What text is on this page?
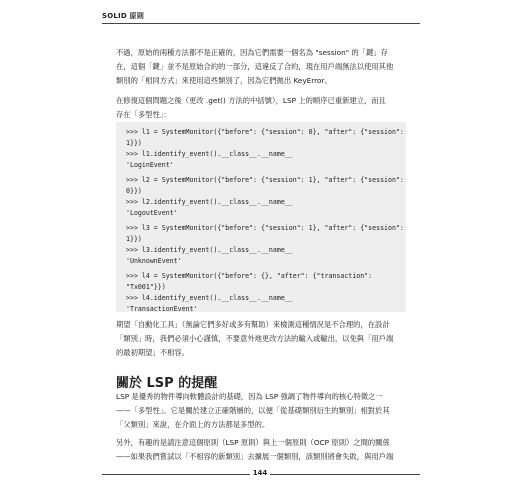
SOLID 原則
不過，原始的兩種方法都不是正確的，因為它們需要一個名為 "session" 的「鍵」存
在，這個「鍵」並不是原始合約的一部分，這違反了合約，現在用戶端無法以使用其他
類別的「相同方式」來使用這些類別了，因為它們拋出 KeyError。
在修復這個問題之後（更改 .get() 方法的中括號），LSP 上的順序已重新建立，而且
存在「多型性」：
>>> l1 = SystemMonitor({"before": {"session": 0}, "after": {"session":
1}})
>>> l1.identify_event().__class__.__name__
'LoginEvent'
>>> l2 = SystemMonitor({"before": {"session": 1}, "after": {"session":
0}})
>>> l2.identify_event().__class__.__name__
'LogoutEvent'
>>> l3 = SystemMonitor({"before": {"session": 1}, "after": {"session":
1}})
>>> l3.identify_event().__class__.__name__
'UnknownEvent'
>>> l4 = SystemMonitor({"before": {}, "after": {"transaction":
"Tx001"}})
>>> l4.identify_event().__class__.__name__
'TransactionEvent'
期望「自動化工具」（無論它們多好或多有幫助）來檢測這種情況是不合理的，在設計
「類別」時，我們必須小心謹慎，不要意外地更改方法的輸入或輸出，以免與「用戶端
的最初期望」不相容。
關於 LSP 的提醒
LSP 是優秀的物件導向軟體設計的基礎，因為 LSP 強調了物件導向的核心特徵之一
——「多型性」。它是關於建立正確階層的，以便「從基礎類別衍生的類別」相對於其
「父類別」來說，在介面上的方法都是多型的。
另外，有趣的是請注意這個原則（LSP 原則）與上一個原則（OCP 原則）之間的關係
——如果我們嘗試以「不相容的新類別」去擴展一個類別，該類別將會失敗，與用戶端
144
